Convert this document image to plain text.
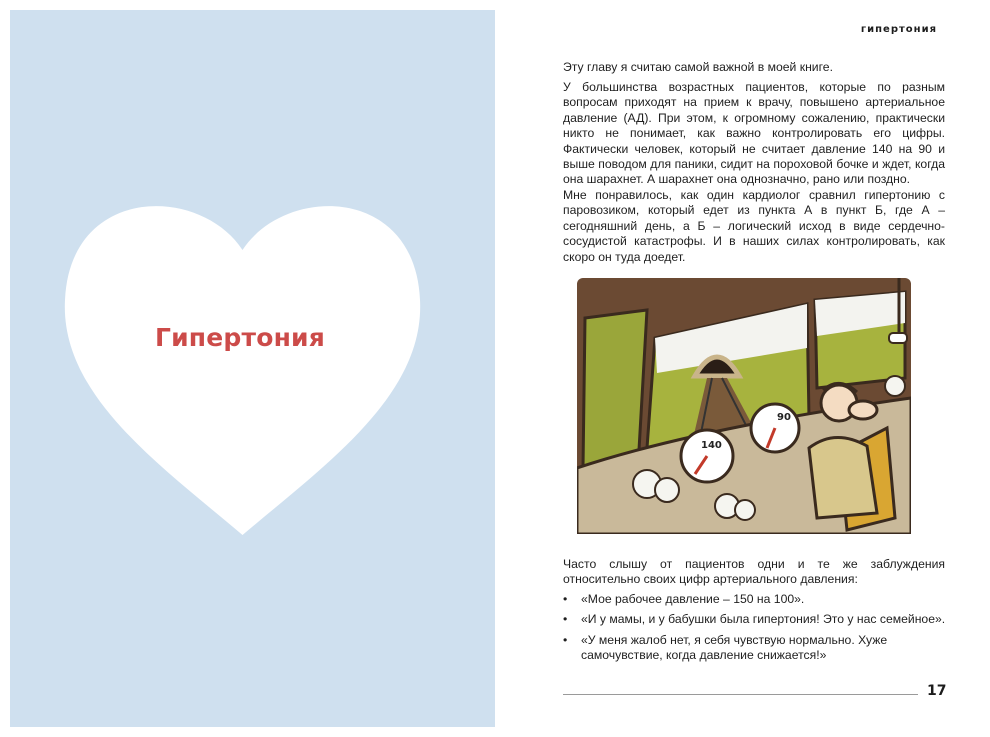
Гипертония
гипертония

Эту главу я считаю самой важной в моей книге.

У большинства возрастных пациентов, которые по разным вопросам приходят на прием к врачу, повышено артериальное давление (АД). При этом, к огромному сожалению, практически никто не понимает, как важно контролировать его цифры. Фактически человек, который не считает давление 140 на 90 и выше поводом для паники, сидит на пороховой бочке и ждет, когда она шарахнет. А шарахнет она однозначно, рано или поздно.

Мне понравилось, как один кардиолог сравнил гипертонию с паровозиком, который едет из пункта А в пункт Б, где А – сегодняшний день, а Б – логический исход в виде сердечно-сосудистой катастрофы. И в наших силах контролировать, как скоро он туда доедет.

140
90

Часто слышу от пациентов одни и те же заблуждения относительно своих цифр артериального давления:

• «Мое рабочее давление – 150 на 100».
• «И у мамы, и у бабушки была гипертония! Это у нас семейное».
• «У меня жалоб нет, я себя чувствую нормально. Хуже самочувствие, когда давление снижается!»
17
